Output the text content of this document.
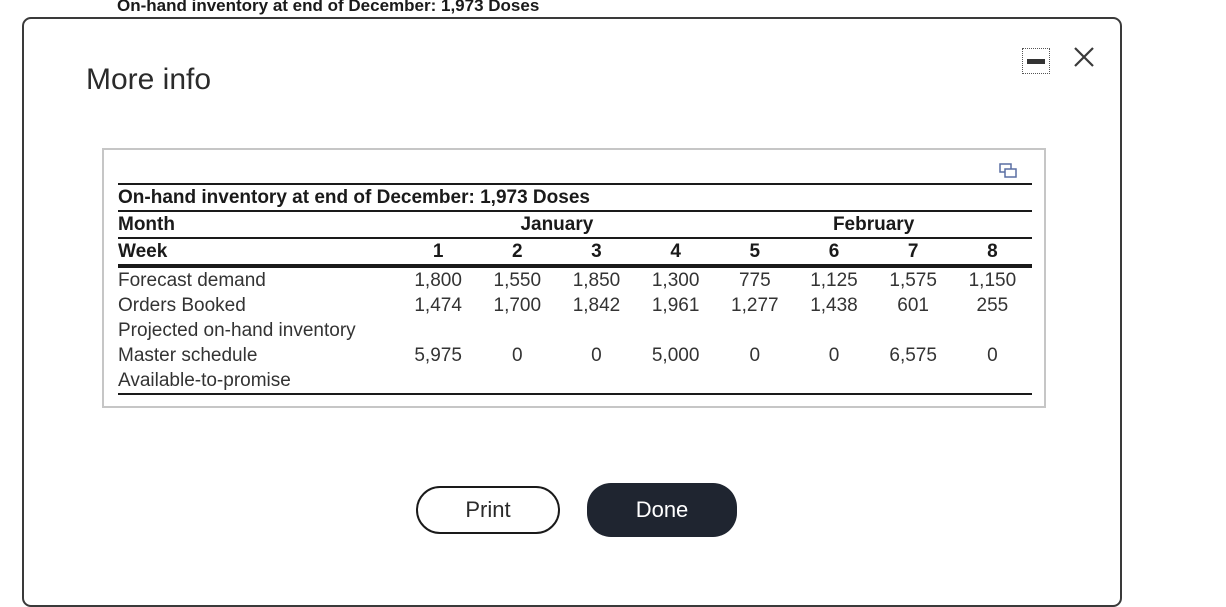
On-hand inventory at end of December: 1,973 Doses
More info
On-hand inventory at end of December: 1,973 Doses								
Month	January				February			
Week	1	2	3	4	5	6	7	8
Forecast demand	1,800	1,550	1,850	1,300	775	1,125	1,575	1,150
Orders Booked	1,474	1,700	1,842	1,961	1,277	1,438	601	255
Projected on-hand inventory								
Master schedule	5,975	0	0	5,000	0	0	6,575	0
Available-to-promise								
Print	Done
